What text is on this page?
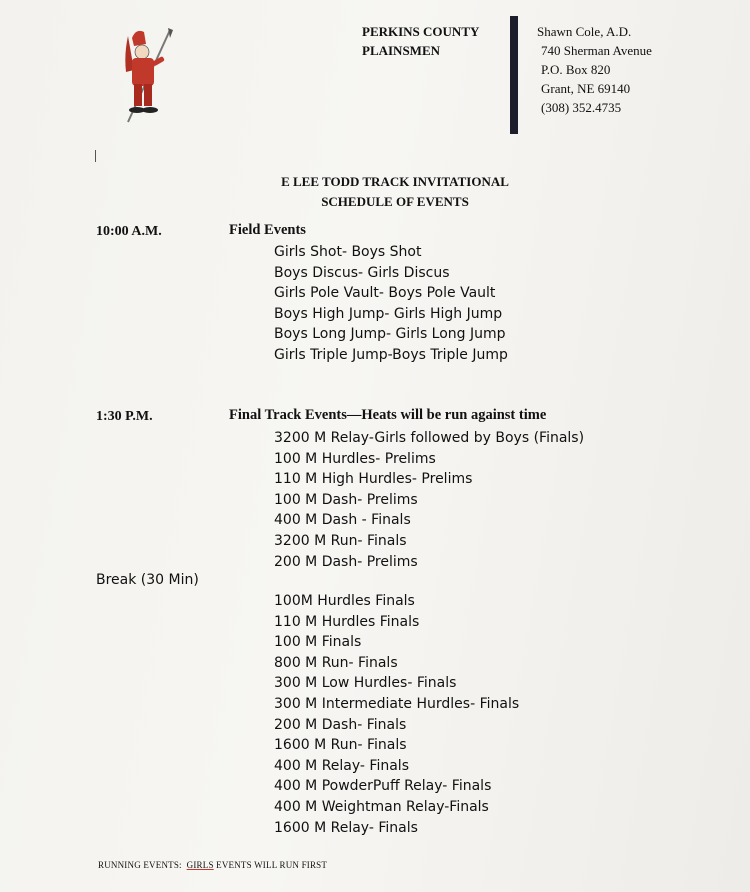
PERKINS COUNTY
PLAINSMEN
Shawn Cole, A.D.
740 Sherman Avenue
P.O. Box 820
Grant, NE 69140
(308) 352.4735
E LEE TODD TRACK INVITATIONAL
SCHEDULE OF EVENTS
10:00 A.M.	Field Events
Girls Shot- Boys Shot
Boys Discus- Girls Discus
Girls Pole Vault- Boys Pole Vault
Boys High Jump- Girls High Jump
Boys Long Jump- Girls Long Jump
Girls Triple Jump-Boys Triple Jump
1:30 P.M.	Final Track Events—Heats will be run against time
3200 M Relay-Girls followed by Boys (Finals)
100 M Hurdles- Prelims
110 M High Hurdles- Prelims
100 M Dash- Prelims
400 M Dash - Finals
3200 M Run- Finals
200 M Dash- Prelims
Break (30 Min)
100M Hurdles Finals
110 M Hurdles Finals
100 M Finals
800 M Run- Finals
300 M Low Hurdles- Finals
300 M Intermediate Hurdles- Finals
200 M Dash- Finals
1600 M Run- Finals
400 M Relay- Finals
400 M PowderPuff Relay- Finals
400 M Weightman Relay-Finals
1600 M Relay- Finals
RUNNING EVENTS: GIRLS EVENTS WILL RUN FIRST
